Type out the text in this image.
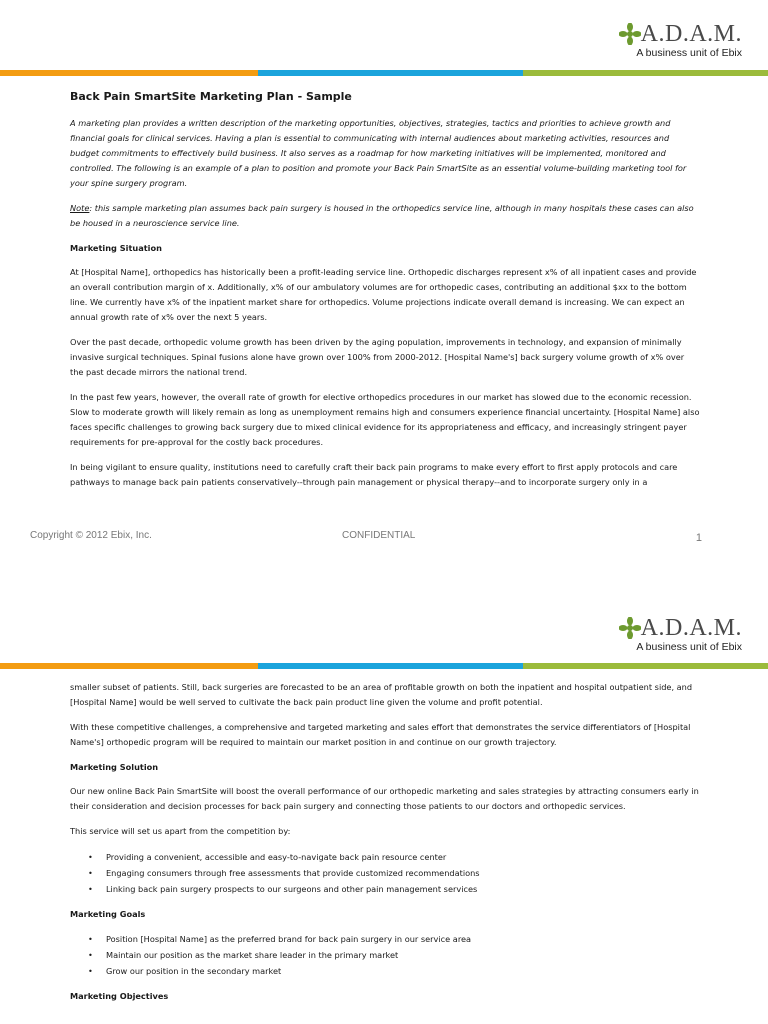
A.D.A.M.
A business unit of Ebix
Back Pain SmartSite Marketing Plan - Sample

A marketing plan provides a written description of the marketing opportunities, objectives, strategies, tactics and priorities to achieve growth and financial goals for clinical services. Having a plan is essential to communicating with internal audiences about marketing activities, resources and budget commitments to effectively build business. It also serves as a roadmap for how marketing initiatives will be implemented, monitored and controlled. The following is an example of a plan to position and promote your Back Pain SmartSite as an essential volume-building marketing tool for your spine surgery program.

Note: this sample marketing plan assumes back pain surgery is housed in the orthopedics service line, although in many hospitals these cases can also be housed in a neuroscience service line.

Marketing Situation

At [Hospital Name], orthopedics has historically been a profit-leading service line. Orthopedic discharges represent x% of all inpatient cases and provide an overall contribution margin of x. Additionally, x% of our ambulatory volumes are for orthopedic cases, contributing an additional $xx to the bottom line. We currently have x% of the inpatient market share for orthopedics. Volume projections indicate overall demand is increasing. We can expect an annual growth rate of x% over the next 5 years.

Over the past decade, orthopedic volume growth has been driven by the aging population, improvements in technology, and expansion of minimally invasive surgical techniques. Spinal fusions alone have grown over 100% from 2000-2012. [Hospital Name's] back surgery volume growth of x% over the past decade mirrors the national trend.

In the past few years, however, the overall rate of growth for elective orthopedics procedures in our market has slowed due to the economic recession. Slow to moderate growth will likely remain as long as unemployment remains high and consumers experience financial uncertainty. [Hospital Name] also faces specific challenges to growing back surgery due to mixed clinical evidence for its appropriateness and efficacy, and increasingly stringent payer requirements for pre-approval for the costly back procedures.

In being vigilant to ensure quality, institutions need to carefully craft their back pain programs to make every effort to first apply protocols and care pathways to manage back pain patients conservatively--through pain management or physical therapy--and to incorporate surgery only in a

Copyright © 2012 Ebix, Inc.	CONFIDENTIAL	1
A.D.A.M.
A business unit of Ebix

smaller subset of patients. Still, back surgeries are forecasted to be an area of profitable growth on both the inpatient and hospital outpatient side, and [Hospital Name] would be well served to cultivate the back pain product line given the volume and profit potential.

With these competitive challenges, a comprehensive and targeted marketing and sales effort that demonstrates the service differentiators of [Hospital Name's] orthopedic program will be required to maintain our market position in and continue on our growth trajectory.

Marketing Solution

Our new online Back Pain SmartSite will boost the overall performance of our orthopedic marketing and sales strategies by attracting consumers early in their consideration and decision processes for back pain surgery and connecting those patients to our doctors and orthopedic services.

This service will set us apart from the competition by:

• Providing a convenient, accessible and easy-to-navigate back pain resource center
• Engaging consumers through free assessments that provide customized recommendations
• Linking back pain surgery prospects to our surgeons and other pain management services
Marketing Goals
• Position [Hospital Name] as the preferred brand for back pain surgery in our service area
• Maintain our position as the market share leader in the primary market
• Grow our position in the secondary market
Marketing Objectives
